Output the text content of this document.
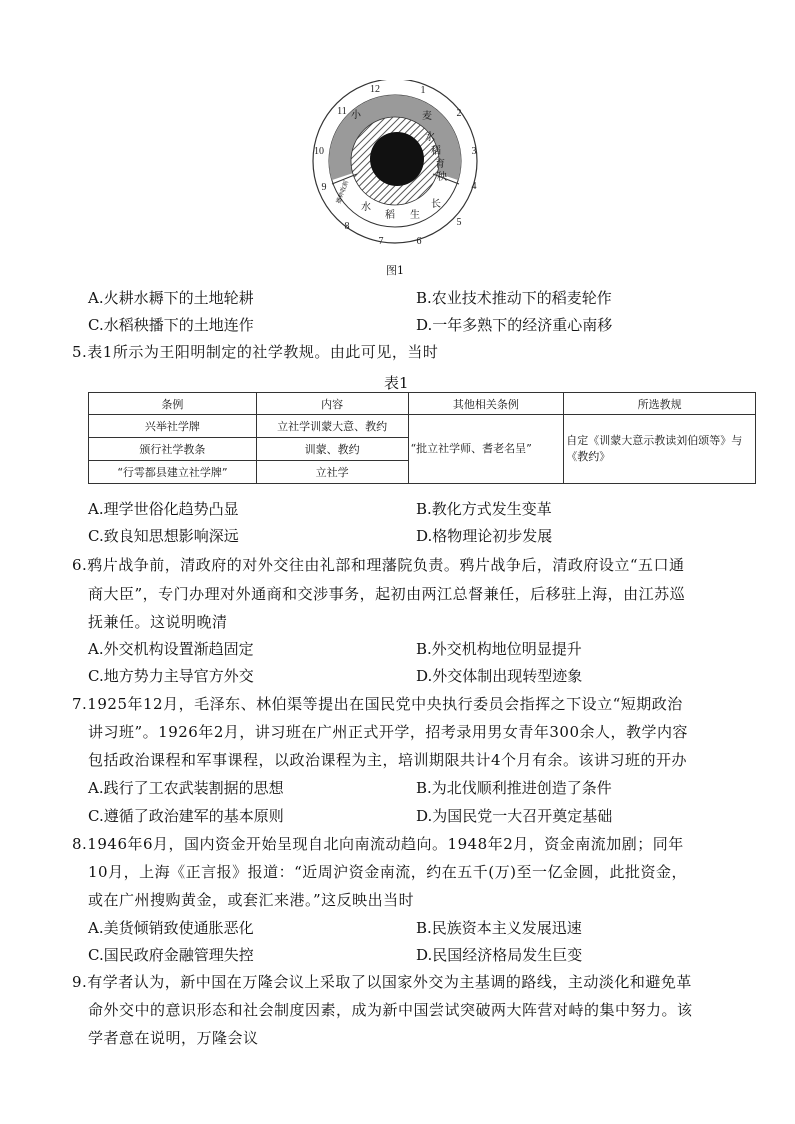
12	1
2
3
4
5
6
7
8
9
10
11 小	麦
水
稻
育
秧
水
稻 生
长
播种收割
图1
A.火耕水耨下的土地轮耕	B.农业技术推动下的稻麦轮作
C.水稻秧播下的土地连作	D.一年多熟下的经济重心南移
5.表1所示为王阳明制定的社学教规。由此可见，当时
表1
条例	内容	其他相关条例	所选教规
兴举社学牌	立社学训蒙大意、教约	“批立社学师、耆老名呈”	自定《训蒙大意示教读刘伯颂等》与《教约》
颁行社学教条	训蒙、教约		
“行雩都县建立社学牌”	立社学		
A.理学世俗化趋势凸显	B.教化方式发生变革
C.致良知思想影响深远	D.格物理论初步发展
6.鸦片战争前，清政府的对外交往由礼部和理藩院负责。鸦片战争后，清政府设立“五口通
商大臣”，专门办理对外通商和交涉事务，起初由两江总督兼任，后移驻上海，由江苏巡
抚兼任。这说明晚清
A.外交机构设置渐趋固定	B.外交机构地位明显提升
C.地方势力主导官方外交	D.外交体制出现转型迹象
7.1925年12月，毛泽东、林伯渠等提出在国民党中央执行委员会指挥之下设立“短期政治
讲习班”。1926年2月，讲习班在广州正式开学，招考录用男女青年300余人，教学内容
包括政治课程和军事课程，以政治课程为主，培训期限共计4个月有余。该讲习班的开办
A.践行了工农武装割据的思想	B.为北伐顺利推进创造了条件
C.遵循了政治建军的基本原则	D.为国民党一大召开奠定基础
8.1946年6月，国内资金开始呈现自北向南流动趋向。1948年2月，资金南流加剧；同年
10月，上海《正言报》报道：“近周沪资金南流，约在五千(万)至一亿金圆，此批资金，
或在广州搜购黄金，或套汇来港。”这反映出当时
A.美货倾销致使通胀恶化	B.民族资本主义发展迅速
C.国民政府金融管理失控	D.民国经济格局发生巨变
9.有学者认为，新中国在万隆会议上采取了以国家外交为主基调的路线，主动淡化和避免革
命外交中的意识形态和社会制度因素，成为新中国尝试突破两大阵营对峙的集中努力。该
学者意在说明，万隆会议
